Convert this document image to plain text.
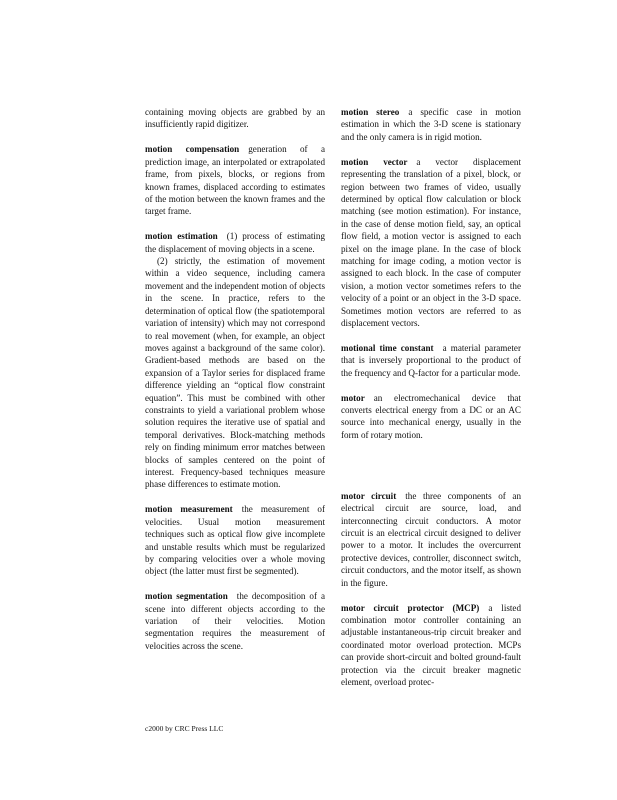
containing moving objects are grabbed by an insufficiently rapid digitizer.

motion compensation generation of a prediction image, an interpolated or extrapolated frame, from pixels, blocks, or regions from known frames, displaced according to estimates of the motion between the known frames and the target frame.

motion estimation (1) process of estimating the displacement of moving objects in a scene.

(2) strictly, the estimation of movement within a video sequence, including camera movement and the independent motion of objects in the scene. In practice, refers to the determination of optical flow (the spatiotemporal variation of intensity) which may not correspond to real movement (when, for example, an object moves against a background of the same color). Gradient-based methods are based on the expansion of a Taylor series for displaced frame difference yielding an “optical flow constraint equation”. This must be combined with other constraints to yield a variational problem whose solution requires the iterative use of spatial and temporal derivatives. Block-matching methods rely on finding minimum error matches between blocks of samples centered on the point of interest. Frequency-based techniques measure phase differences to estimate motion.

motion measurement the measurement of velocities. Usual motion measurement techniques such as optical flow give incomplete and unstable results which must be regularized by comparing velocities over a whole moving object (the latter must first be segmented).

motion segmentation the decomposition of a scene into different objects according to the variation of their velocities. Motion segmentation requires the measurement of velocities across the scene.

motion stereo a specific case in motion estimation in which the 3-D scene is stationary and the only camera is in rigid motion.

motion vector a vector displacement representing the translation of a pixel, block, or region between two frames of video, usually determined by optical flow calculation or block matching (see motion estimation). For instance, in the case of dense motion field, say, an optical flow field, a motion vector is assigned to each pixel on the image plane. In the case of block matching for image coding, a motion vector is assigned to each block. In the case of computer vision, a motion vector sometimes refers to the velocity of a point or an object in the 3-D space. Sometimes motion vectors are referred to as displacement vectors.

motional time constant a material parameter that is inversely proportional to the product of the frequency and Q-factor for a particular mode.

motor an electromechanical device that converts electrical energy from a DC or an AC source into mechanical energy, usually in the form of rotary motion.

motor circuit the three components of an electrical circuit are source, load, and interconnecting circuit conductors. A motor circuit is an electrical circuit designed to deliver power to a motor. It includes the overcurrent protective devices, controller, disconnect switch, circuit conductors, and the motor itself, as shown in the figure.

motor circuit protector (MCP) a listed combination motor controller containing an adjustable instantaneous-trip circuit breaker and coordinated motor overload protection. MCPs can provide short-circuit and bolted ground-fault protection via the circuit breaker magnetic element, overload protec-

c2000 by CRC Press LLC
